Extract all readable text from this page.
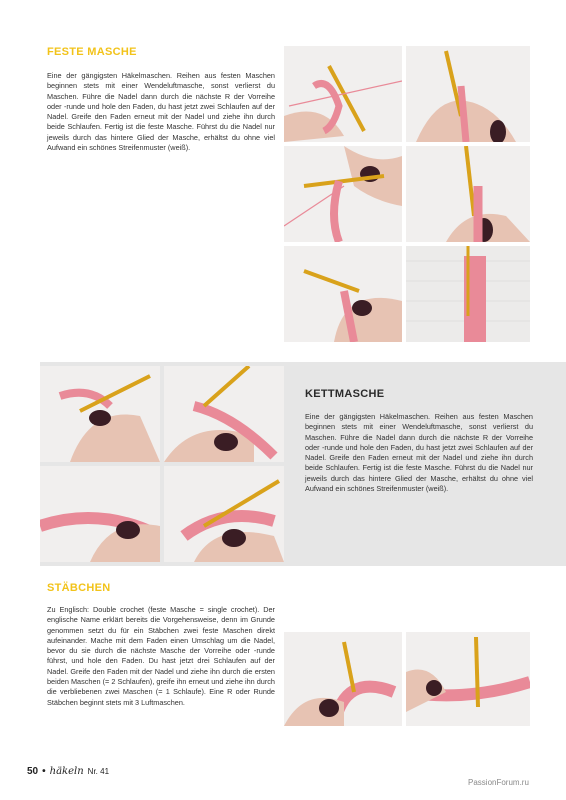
FESTE MASCHE

Eine der gängigsten Häkelmaschen. Reihen aus festen Maschen beginnen stets mit einer Wendeluftmasche, sonst verlierst du Maschen. Führe die Nadel dann durch die nächste R der Vorreihe oder -runde und hole den Faden, du hast jetzt zwei Schlaufen auf der Nadel. Greife den Faden erneut mit der Nadel und ziehe ihn durch beide Schlaufen. Fertig ist die feste Masche. Führst du die Nadel nur jeweils durch das hintere Glied der Masche, erhältst du ohne viel Aufwand ein schönes Streifenmuster (weiß).

KETTMASCHE

Eine der gängigsten Häkelmaschen. Reihen aus festen Maschen beginnen stets mit einer Wendeluftmasche, sonst verlierst du Maschen. Führe die Nadel dann durch die nächste R der Vorreihe oder -runde und hole den Faden, du hast jetzt zwei Schlaufen auf der Nadel. Greife den Faden erneut mit der Nadel und ziehe ihn durch beide Schlaufen. Fertig ist die feste Masche. Führst du die Nadel nur jeweils durch das hintere Glied der Masche, erhältst du ohne viel Aufwand ein schönes Streifenmuster (weiß).

STÄBCHEN

Zu Englisch: Double crochet (feste Masche = single crochet). Der englische Name erklärt bereits die Vorgehensweise, denn im Grunde genommen setzt du für ein Stäbchen zwei feste Maschen direkt aufeinander. Mache mit dem Faden einen Umschlag um die Nadel, bevor du sie durch die nächste Masche der Vorreihe oder -runde führst, und hole den Faden. Du hast jetzt drei Schlaufen auf der Nadel. Greife den Faden mit der Nadel und ziehe ihn durch die ersten beiden Maschen (= 2 Schlaufen), greife ihn erneut und ziehe ihn durch die verbliebenen zwei Maschen (= 1 Schlaufe). Eine R oder Runde Stäbchen beginnt stets mit 3 Luftmaschen.

50 • häkeln Nr. 41
PassionForum.ru
